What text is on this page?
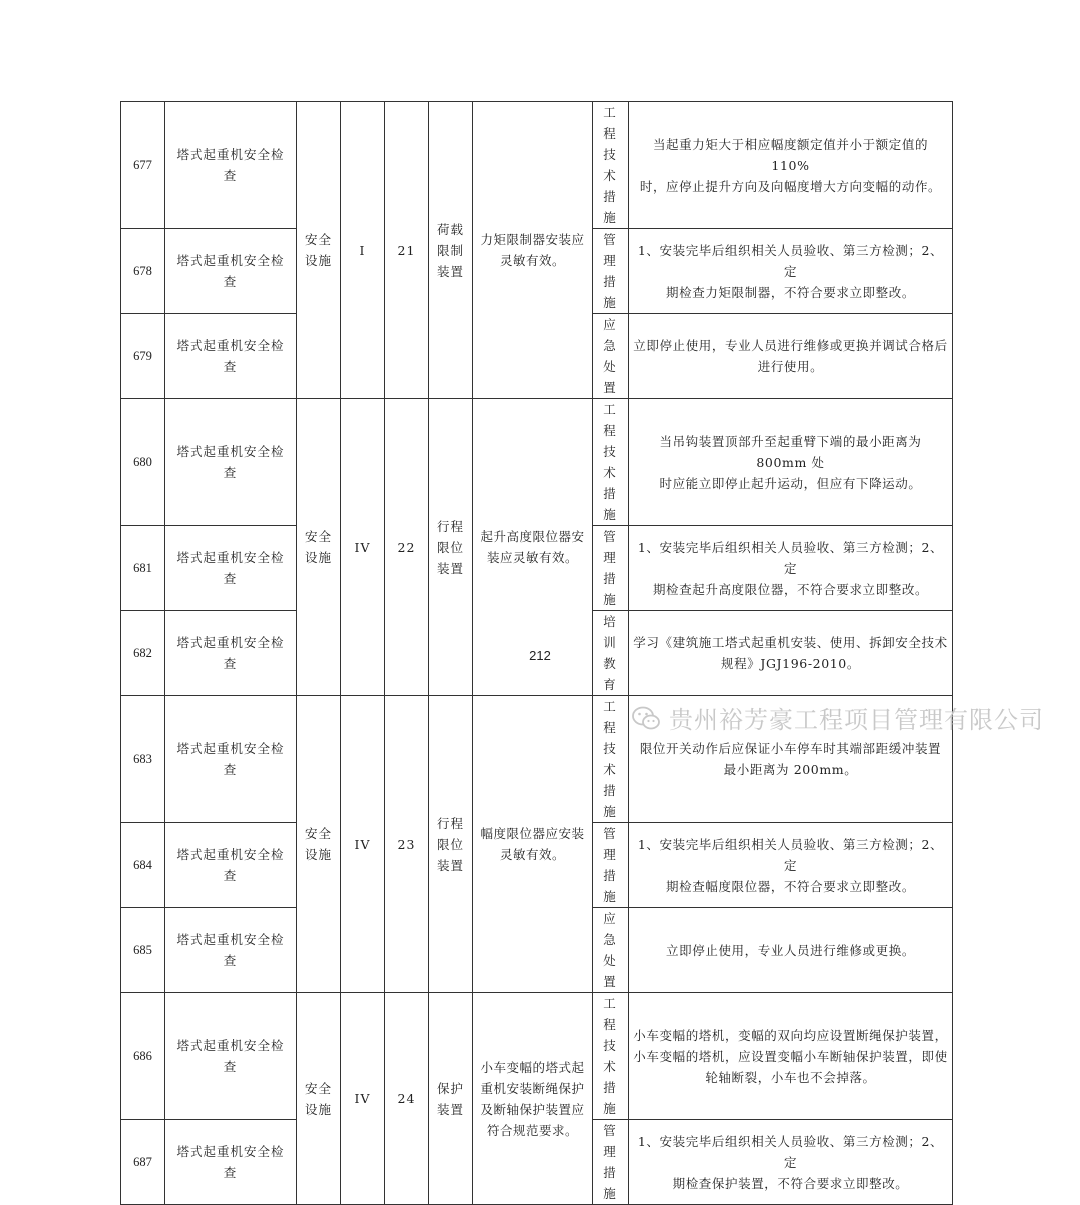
677	塔式起重机安全检
查	安全
设施	I	21	荷载
限制
装置	力矩限制器安装应
灵敏有效。	工程
技术
措施	当起重力矩大于相应幅度额定值并小于额定值的 110%
时，应停止提升方向及向幅度增大方向变幅的动作。
678	塔式起重机安全检
查						管理
措施	1、安装完毕后组织相关人员验收、第三方检测；2、定
期检查力矩限制器，不符合要求立即整改。
679	塔式起重机安全检
查						应急
处置	立即停止使用，专业人员进行维修或更换并调试合格后
进行使用。
680	塔式起重机安全检
查	安全
设施	IV	22	行程
限位
装置	起升高度限位器安
装应灵敏有效。	工程
技术
措施	当吊钩装置顶部升至起重臂下端的最小距离为 800mm 处
时应能立即停止起升运动，但应有下降运动。
681	塔式起重机安全检
查						管理
措施	1、安装完毕后组织相关人员验收、第三方检测；2、定
期检查起升高度限位器，不符合要求立即整改。
682	塔式起重机安全检
查						培训
教育	学习《建筑施工塔式起重机安装、使用、拆卸安全技术
规程》JGJ196-2010。
683	塔式起重机安全检
查	安全
设施	IV	23	行程
限位
装置	幅度限位器应安装
灵敏有效。	工程
技术
措施	限位开关动作后应保证小车停车时其端部距缓冲装置
最小距离为 200mm。
684	塔式起重机安全检
查						管理
措施	1、安装完毕后组织相关人员验收、第三方检测；2、定
期检查幅度限位器，不符合要求立即整改。
685	塔式起重机安全检
查						应急
处置	立即停止使用，专业人员进行维修或更换。
686	塔式起重机安全检
查	安全
设施	IV	24	保护
装置	小车变幅的塔式起
重机安装断绳保护
及断轴保护装置应
符合规范要求。	工程
技术
措施	小车变幅的塔机，变幅的双向均应设置断绳保护装置，
小车变幅的塔机，应设置变幅小车断轴保护装置，即使
轮轴断裂，小车也不会掉落。
687	塔式起重机安全检
查						管理
措施	1、安装完毕后组织相关人员验收、第三方检测；2、定
期检查保护装置，不符合要求立即整改。
212
贵州裕芳豪工程项目管理有限公司
